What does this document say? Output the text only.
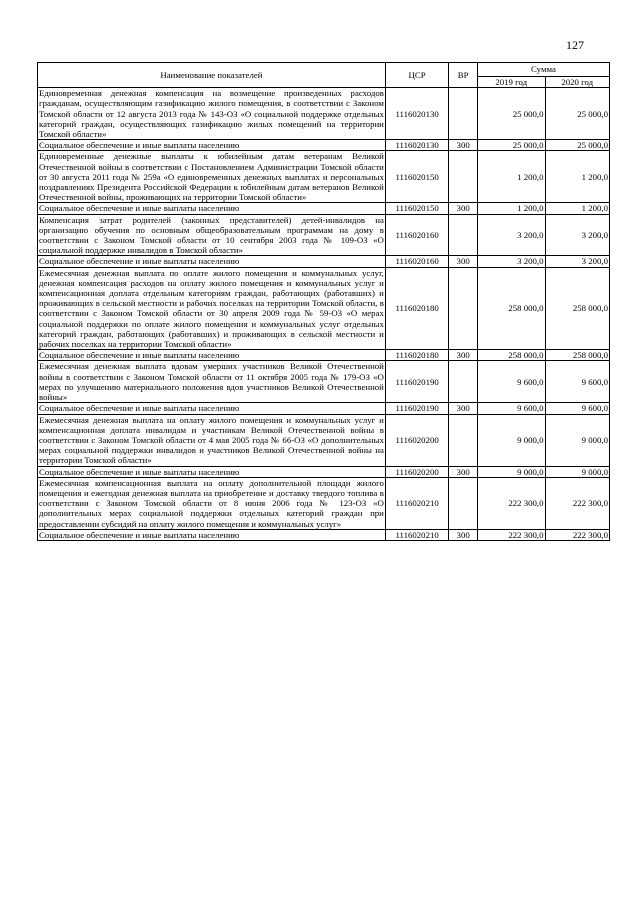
127
Наименование показателей	ЦСР	ВР	Сумма	
			2019 год	2020 год
Единовременная денежная компенсация на возмещение произведенных расходов гражданам, осуществляющим газификацию жилого помещения, в соответствии с Законом Томской области от 12 августа 2013 года № 143-ОЗ «О социальной поддержке отдельных категорий граждан, осуществляющих газификацию жилых помещений на территории Томской области»	1116020130		25 000,0	25 000,0
Социальное обеспечение и иные выплаты населению	1116020130	300	25 000,0	25 000,0
Единовременные денежные выплаты к юбилейным датам ветеранам Великой Отечественной войны в соответствии с Постановлением Администрации Томской области от 30 августа 2011 года № 259а «О единовременных денежных выплатах и персональных поздравлениях Президента Российской Федерации к юбилейным датам ветеранов Великой Отечественной войны, проживающих на территории Томской области»	1116020150		1 200,0	1 200,0
Социальное обеспечение и иные выплаты населению	1116020150	300	1 200,0	1 200,0
Компенсация затрат родителей (законных представителей) детей-инвалидов на организацию обучения по основным общеобразовательным программам на дому в соответствии с Законом Томской области от 10 сентября 2003 года № 109-ОЗ «О социальной поддержке инвалидов в Томской области»	1116020160		3 200,0	3 200,0
Социальное обеспечение и иные выплаты населению	1116020160	300	3 200,0	3 200,0
Ежемесячная денежная выплата по оплате жилого помещения и коммунальных услуг, денежная компенсация расходов на оплату жилого помещения и коммунальных услуг и компенсационная доплата отдельным категориям граждан, работающих (работавших) и проживающих в сельской местности и рабочих поселках на территории Томской области, в соответствии с Законом Томской области от 30 апреля 2009 года № 59-ОЗ «О мерах социальной поддержки по оплате жилого помещения и коммунальных услуг отдельных категорий граждан, работающих (работавших) и проживающих в сельской местности и рабочих поселках на территории Томской области»	1116020180		258 000,0	258 000,0
Социальное обеспечение и иные выплаты населению	1116020180	300	258 000,0	258 000,0
Ежемесячная денежная выплата вдовам умерших участников Великой Отечественной войны в соответствии с Законом Томской области от 11 октября 2005 года № 179-ОЗ «О мерах по улучшению материального положения вдов участников Великой Отечественной войны»	1116020190		9 600,0	9 600,0
Социальное обеспечение и иные выплаты населению	1116020190	300	9 600,0	9 600,0
Ежемесячная денежная выплата на оплату жилого помещения и коммунальных услуг и компенсационная доплата инвалидам и участникам Великой Отечественной войны в соответствии с Законом Томской области от 4 мая 2005 года № 66-ОЗ «О дополнительных мерах социальной поддержки инвалидов и участников Великой Отечественной войны на территории Томской области»	1116020200		9 000,0	9 000,0
Социальное обеспечение и иные выплаты населению	1116020200	300	9 000,0	9 000,0
Ежемесячная компенсационная выплата на оплату дополнительной площади жилого помещения и ежегодная денежная выплата на приобретение и доставку твердого топлива в соответствии с Законом Томской области от 8 июня 2006 года № 123-ОЗ «О дополнительных мерах социальной поддержки отдельных категорий граждан при предоставлении субсидий на оплату жилого помещения и коммунальных услуг»	1116020210		222 300,0	222 300,0
Социальное обеспечение и иные выплаты населению	1116020210	300	222 300,0	222 300,0
